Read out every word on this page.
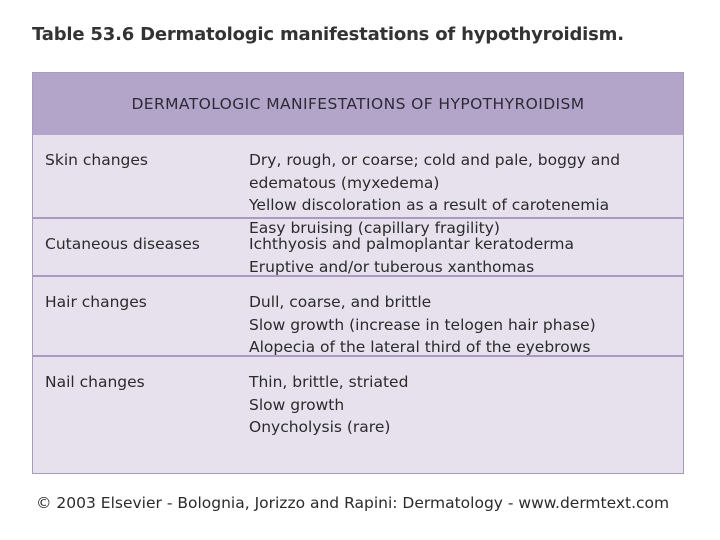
Table 53.6 Dermatologic manifestations of hypothyroidism.
DERMATOLOGIC MANIFESTATIONS OF HYPOTHYROIDISM
Skin changes	Dry, rough, or coarse; cold and pale, boggy and
edematous (myxedema)
Yellow discoloration as a result of carotenemia
Easy bruising (capillary fragility)
Cutaneous diseases	Ichthyosis and palmoplantar keratoderma
Eruptive and/or tuberous xanthomas
Hair changes	Dull, coarse, and brittle
Slow growth (increase in telogen hair phase)
Alopecia of the lateral third of the eyebrows
Nail changes	Thin, brittle, striated
Slow growth
Onycholysis (rare)
© 2003 Elsevier - Bolognia, Jorizzo and Rapini: Dermatology - www.dermtext.com
